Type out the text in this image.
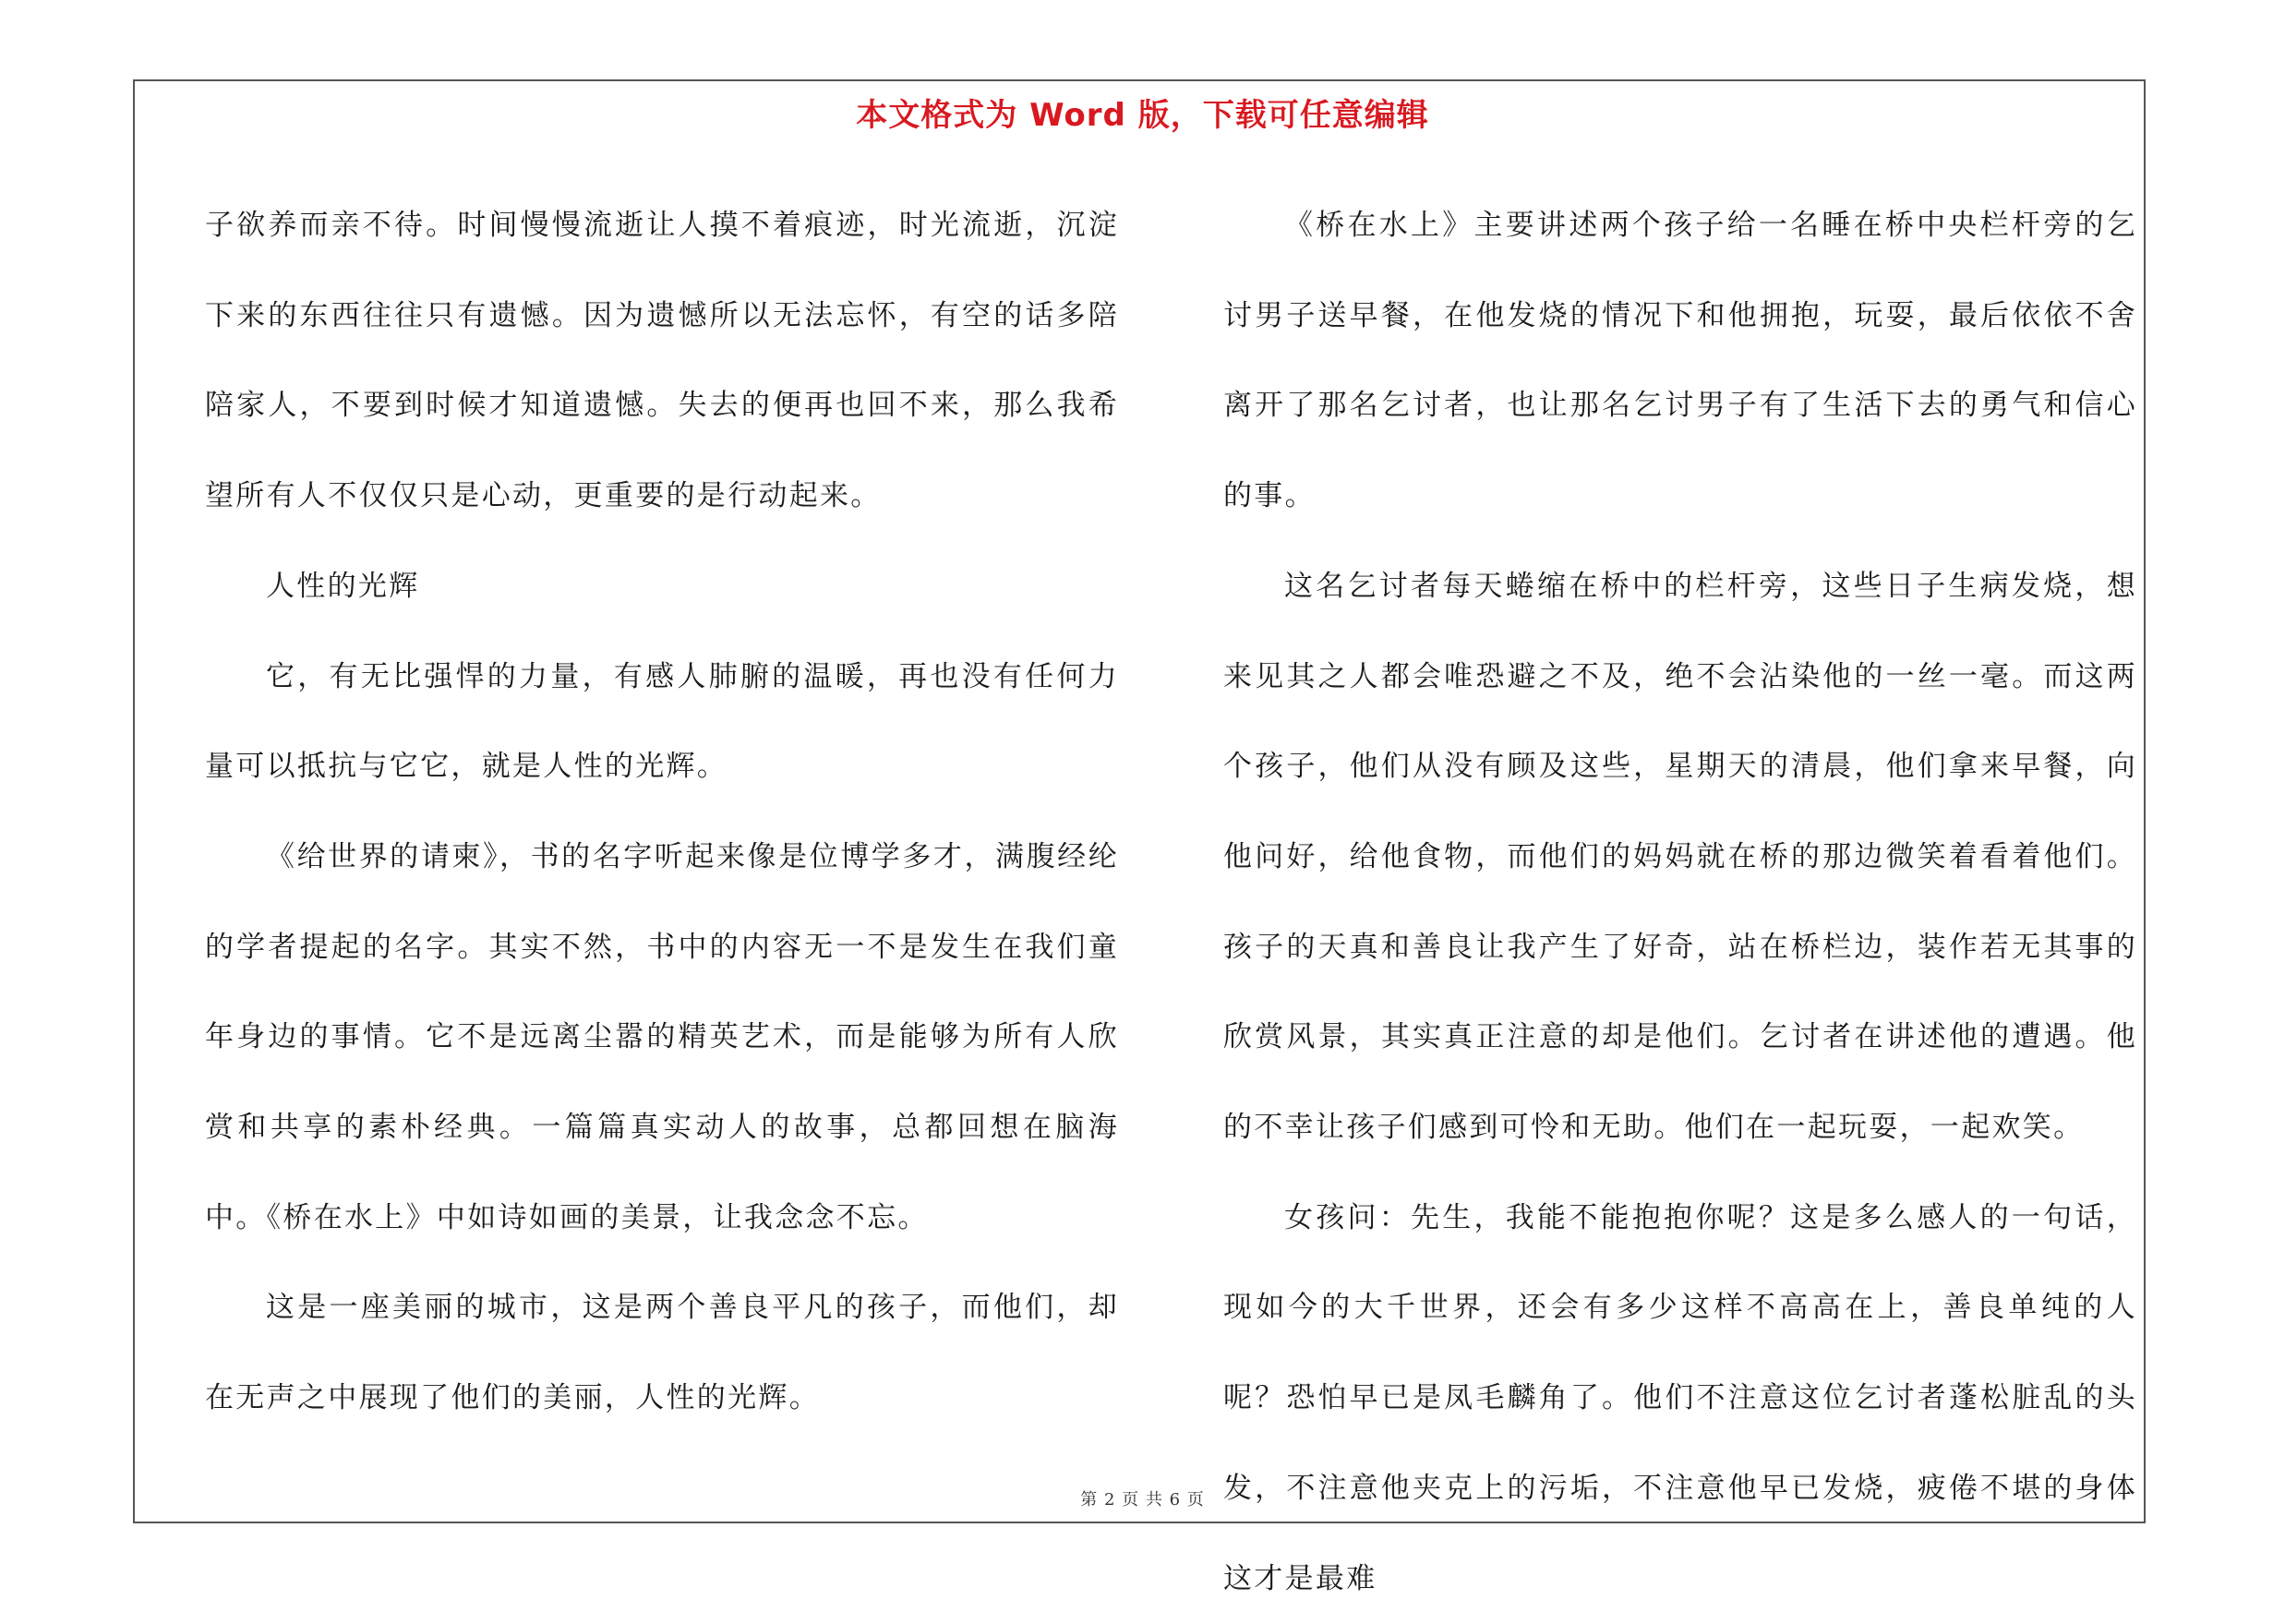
本文格式为 Word 版，下载可任意编辑

子欲养而亲不待。时间慢慢流逝让人摸不着痕迹，时光流逝，沉淀下来的东西往往只有遗憾。因为遗憾所以无法忘怀，有空的话多陪陪家人，不要到时候才知道遗憾。失去的便再也回不来，那么我希望所有人不仅仅只是心动，更重要的是行动起来。

人性的光辉

它，有无比强悍的力量，有感人肺腑的温暖，再也没有任何力量可以抵抗与它它，就是人性的光辉。

《给世界的请柬》，书的名字听起来像是位博学多才，满腹经纶的学者提起的名字。其实不然，书中的内容无一不是发生在我们童年身边的事情。它不是远离尘嚣的精英艺术，而是能够为所有人欣赏和共享的素朴经典。一篇篇真实动人的故事，总都回想在脑海中。《桥在水上》中如诗如画的美景，让我念念不忘。

这是一座美丽的城市，这是两个善良平凡的孩子，而他们，却在无声之中展现了他们的美丽，人性的光辉。

《桥在水上》主要讲述两个孩子给一名睡在桥中央栏杆旁的乞讨男子送早餐，在他发烧的情况下和他拥抱，玩耍，最后依依不舍离开了那名乞讨者，也让那名乞讨男子有了生活下去的勇气和信心的事。

这名乞讨者每天蜷缩在桥中的栏杆旁，这些日子生病发烧，想来见其之人都会唯恐避之不及，绝不会沾染他的一丝一毫。而这两个孩子，他们从没有顾及这些，星期天的清晨，他们拿来早餐，向他问好，给他食物，而他们的妈妈就在桥的那边微笑着看着他们。孩子的天真和善良让我产生了好奇，站在桥栏边，装作若无其事的欣赏风景，其实真正注意的却是他们。乞讨者在讲述他的遭遇。他的不幸让孩子们感到可怜和无助。他们在一起玩耍，一起欢笑。

女孩问：先生，我能不能抱抱你呢？这是多么感人的一句话，现如今的大千世界，还会有多少这样不高高在上，善良单纯的人呢？恐怕早已是凤毛麟角了。他们不注意这位乞讨者蓬松脏乱的头发，不注意他夹克上的污垢，不注意他早已发烧，疲倦不堪的身体这才是最难

第 2 页 共 6 页
